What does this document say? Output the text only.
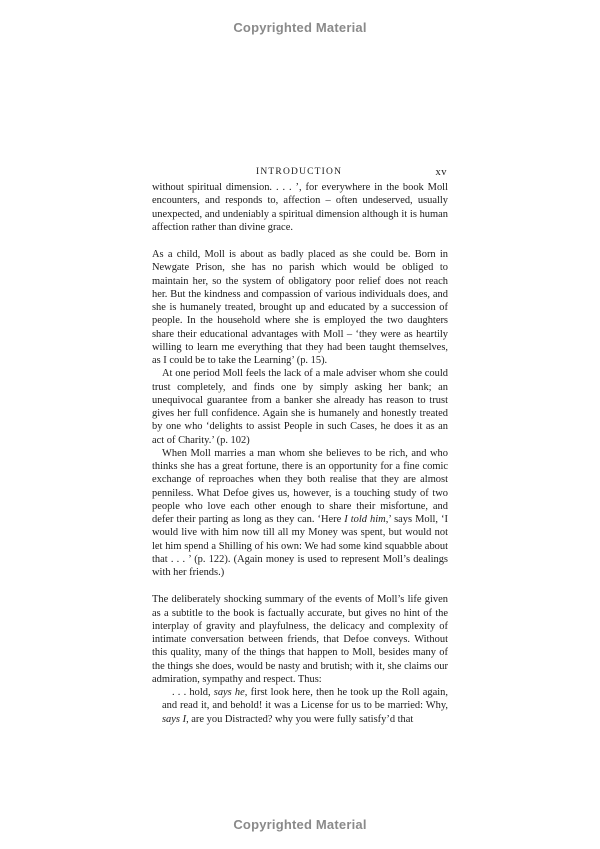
Copyrighted Material
INTRODUCTION	xv

without spiritual dimension. . . . ’, for everywhere in the book Moll encounters, and responds to, affection – often undeserved, usually unexpected, and undeniably a spiritual dimension although it is human affection rather than divine grace.

As a child, Moll is about as badly placed as she could be. Born in Newgate Prison, she has no parish which would be obliged to maintain her, so the system of obligatory poor relief does not reach her. But the kindness and compassion of various individuals does, and she is humanely treated, brought up and educated by a succession of people. In the household where she is employed the two daughters share their educational advantages with Moll – ‘they were as heartily willing to learn me everything that they had been taught themselves, as I could be to take the Learning’ (p. 15).

At one period Moll feels the lack of a male adviser whom she could trust completely, and finds one by simply asking her bank; an unequivocal guarantee from a banker she already has reason to trust gives her full confidence. Again she is humanely and honestly treated by one who ‘delights to assist People in such Cases, he does it as an act of Charity.’ (p. 102)

When Moll marries a man whom she believes to be rich, and who thinks she has a great fortune, there is an opportunity for a fine comic exchange of reproaches when they both realise that they are almost penniless. What Defoe gives us, however, is a touching study of two people who love each other enough to share their misfortune, and defer their parting as long as they can. ‘Here I told him,’ says Moll, ‘I would live with him now till all my Money was spent, but would not let him spend a Shilling of his own: We had some kind squabble about that . . . ’ (p. 122). (Again money is used to represent Moll’s dealings with her friends.)

The deliberately shocking summary of the events of Moll’s life given as a subtitle to the book is factually accurate, but gives no hint of the interplay of gravity and playfulness, the delicacy and complexity of intimate conversation between friends, that Defoe conveys. Without this quality, many of the things that happen to Moll, besides many of the things she does, would be nasty and brutish; with it, she claims our admiration, sympathy and respect. Thus:

. . . hold, says he, first look here, then he took up the Roll again, and read it, and behold! it was a License for us to be married: Why, says I, are you Distracted? why you were fully satisfy’d that

Copyrighted Material
